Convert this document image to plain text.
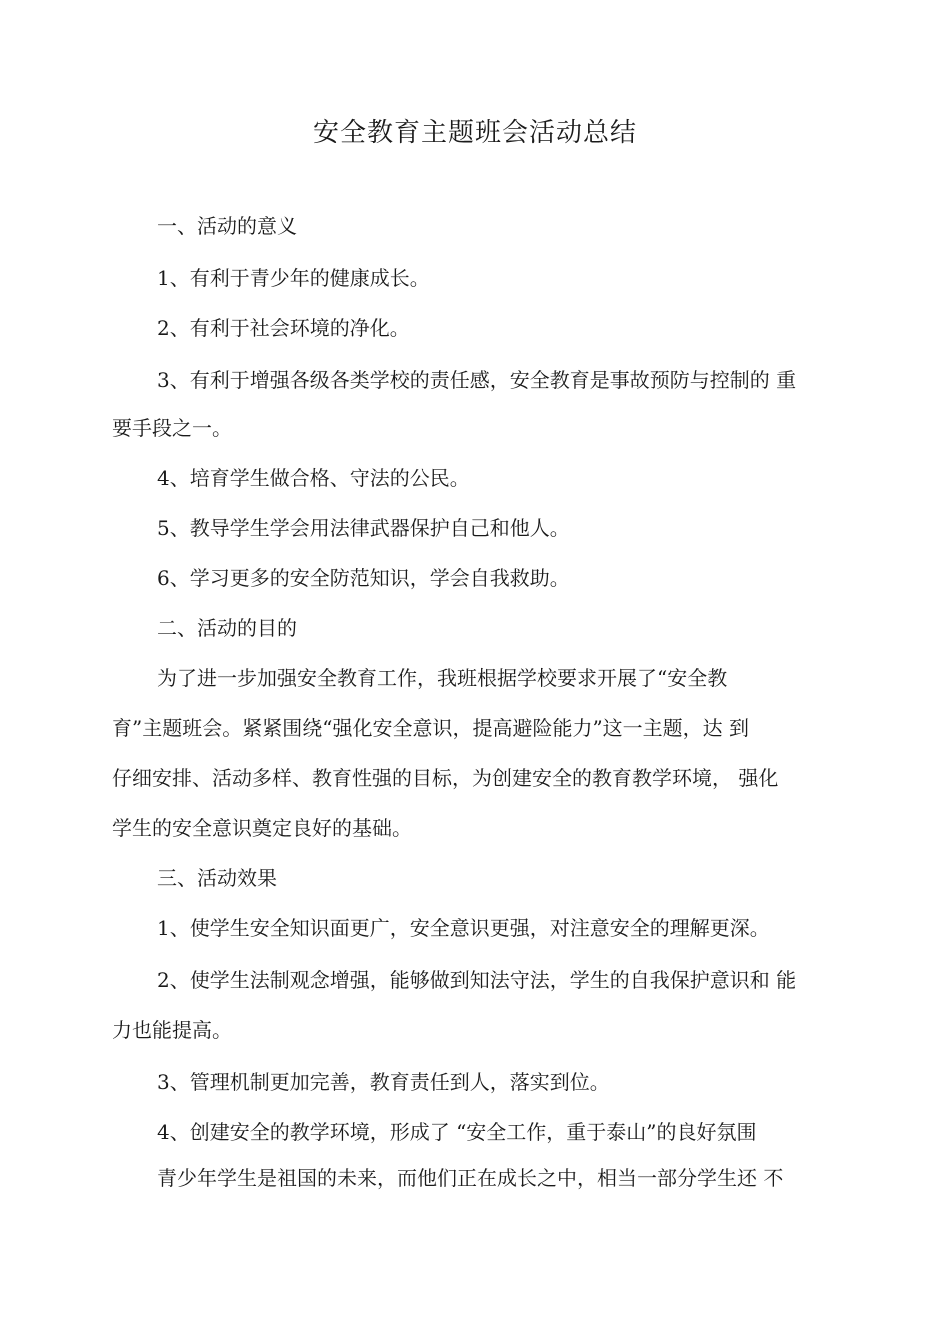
安全教育主题班会活动总结
一、活动的意义
1、有利于青少年的健康成长。
2、有利于社会环境的净化。
3、有利于增强各级各类学校的责任感，安全教育是事故预防与控制的 重
要手段之一。
4、培育学生做合格、守法的公民。
5、教导学生学会用法律武器保护自己和他人。
6、学习更多的安全防范知识，学会自我救助。
二、活动的目的
为了进一步加强安全教育工作，我班根据学校要求开展了“安全教
育”主题班会。紧紧围绕“强化安全意识，提高避险能力”这一主题，达 到
仔细安排、活动多样、教育性强的目标，为创建安全的教育教学环境， 强化
学生的安全意识奠定良好的基础。
三、活动效果
1、使学生安全知识面更广，安全意识更强，对注意安全的理解更深。
2、使学生法制观念增强，能够做到知法守法，学生的自我保护意识和 能
力也能提高。
3、管理机制更加完善，教育责任到人，落实到位。
4、创建安全的教学环境，形成了 “安全工作，重于泰山”的良好氛围
青少年学生是祖国的未来，而他们正在成长之中，相当一部分学生还 不
